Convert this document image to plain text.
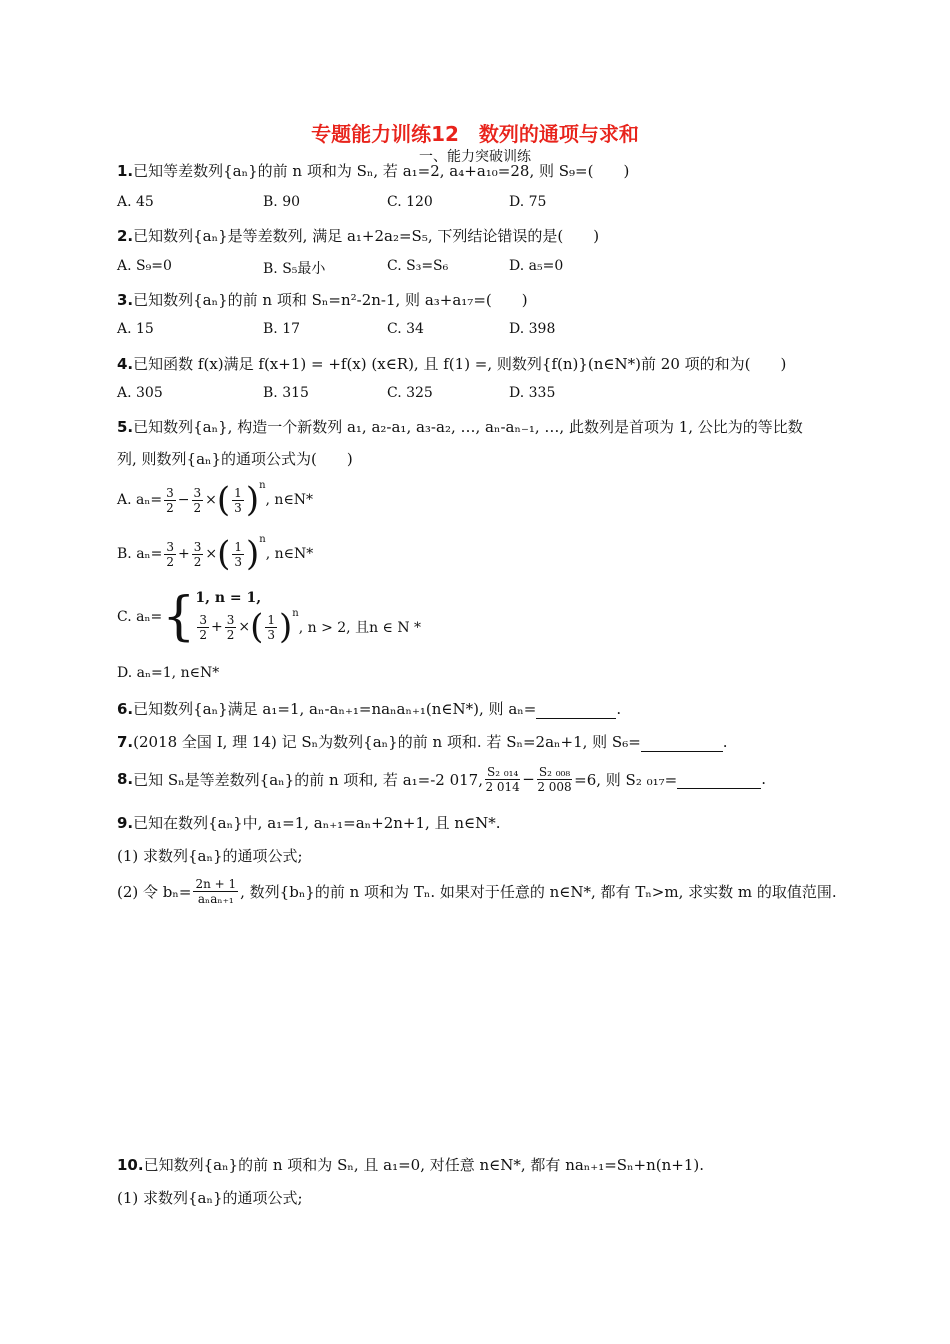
专题能力训练12　数列的通项与求和
一、能力突破训练
1.已知等差数列{aₙ}的前 n 项和为 Sₙ, 若 a₁=2, a₄+a₁₀=28, 则 S₉=(　　)
A. 45	B. 90	C. 120	D. 75
2.已知数列{aₙ}是等差数列, 满足 a₁+2a₂=S₅, 下列结论错误的是(　　)
A. S₉=0	B. S₅最小	C. S₃=S₆	D. a₅=0
3.已知数列{aₙ}的前 n 项和 Sₙ=n²-2n-1, 则 a₃+a₁₇=(　　)
A. 15	B. 17	C. 34	D. 398
4.已知函数 f(x)满足 f(x+1) = +f(x) (x∈R), 且 f(1) =, 则数列{f(n)}(n∈N*)前 20 项的和为(　　)
A. 305	B. 315	C. 325	D. 335
5.已知数列{aₙ}, 构造一个新数列 a₁, a₂-a₁, a₃-a₂, …, aₙ-aₙ₋₁, …, 此数列是首项为 1, 公比为的等比数
列, 则数列{aₙ}的通项公式为(　　)
A. $a_n= \frac{3}{2} - \frac{3}{2}$ × ( $\frac{1}{3}$ ) n
, n∈N*
B. $a_n= \frac{3}{2} + \frac{3}{2}$ × ( $\frac{1}{3}$ ) n
, n∈N*
C. aₙ= { 1, n = 1,
$\frac{3}{2} + \frac{3}{2}$ × ( $\frac{1}{3}$ ) n
, n > 2, 且n ∈ N *
D. aₙ=1, n∈N*
6.已知数列{aₙ}满足 a₁=1, aₙ-aₙ₊₁=naₙaₙ₊₁(n∈N*), 则 aₙ=	.
7.(2018 全国 I, 理 14) 记 Sₙ为数列{aₙ}的前 n 项和. 若 Sₙ=2aₙ+1, 则 S₆=	.
8. 已知 Sₙ是等差数列{aₙ}的前 n 项和, 若 a₁=-2 017, $\frac{\text{S₂ ₀₁₄}}{2 014} - \frac{\text{S₂ ₀₀₈}}{2 008} =6$, 则 S₂ ₀₁₇=
	.
9.已知在数列{aₙ}中, a₁=1, aₙ₊₁=aₙ+2n+1, 且 n∈N*.
(1) 求数列{aₙ}的通项公式;
(2) 令 $b_n= \frac{2n + 1}{\text{aₙaₙ₊₁}}$ , 数列{bₙ}的前 n 项和为 Tₙ. 如果对于任意的 n∈N*, 都有 Tₙ>m, 求实数 m 的取值范围.
10.已知数列{aₙ}的前 n 项和为 Sₙ, 且 a₁=0, 对任意 n∈N*, 都有 naₙ₊₁=Sₙ+n(n+1).
(1) 求数列{aₙ}的通项公式;
